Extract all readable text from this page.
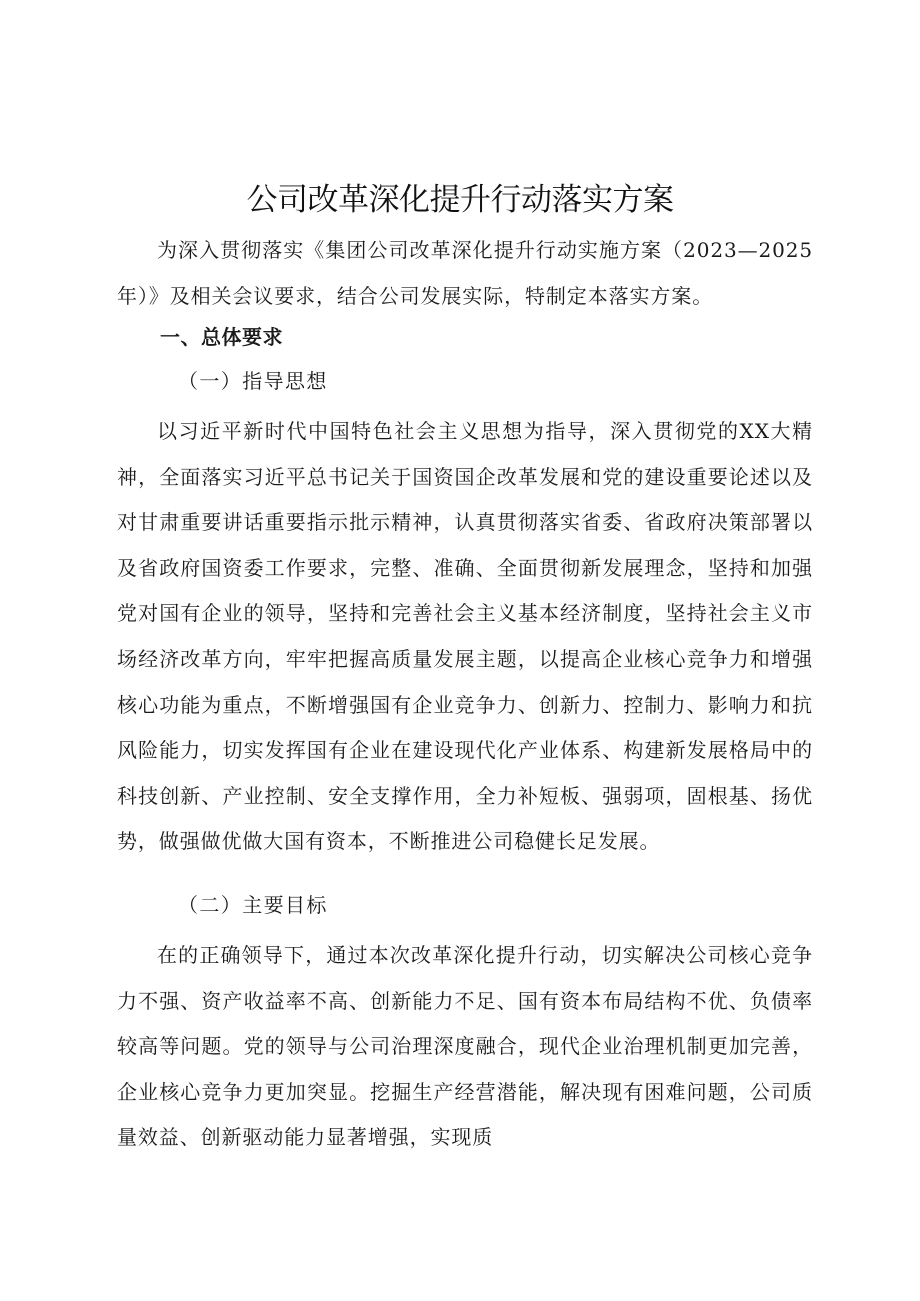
公司改革深化提升行动落实方案

为深入贯彻落实《集团公司改革深化提升行动实施方案（2023—2025年）》及相关会议要求，结合公司发展实际，特制定本落实方案。

一、总体要求
（一）指导思想

以习近平新时代中国特色社会主义思想为指导，深入贯彻党的XX大精神，全面落实习近平总书记关于国资国企改革发展和党的建设重要论述以及对甘肃重要讲话重要指示批示精神，认真贯彻落实省委、省政府决策部署以及省政府国资委工作要求，完整、准确、全面贯彻新发展理念，坚持和加强党对国有企业的领导，坚持和完善社会主义基本经济制度，坚持社会主义市场经济改革方向，牢牢把握高质量发展主题，以提高企业核心竞争力和增强核心功能为重点，不断增强国有企业竞争力、创新力、控制力、影响力和抗风险能力，切实发挥国有企业在建设现代化产业体系、构建新发展格局中的科技创新、产业控制、安全支撑作用，全力补短板、强弱项，固根基、扬优势，做强做优做大国有资本，不断推进公司稳健长足发展。

（二）主要目标

在的正确领导下，通过本次改革深化提升行动，切实解决公司核心竞争力不强、资产收益率不高、创新能力不足、国有资本布局结构不优、负债率较高等问题。党的领导与公司治理深度融合，现代企业治理机制更加完善，企业核心竞争力更加突显。挖掘生产经营潜能，解决现有困难问题，公司质量效益、创新驱动能力显著增强，实现质
